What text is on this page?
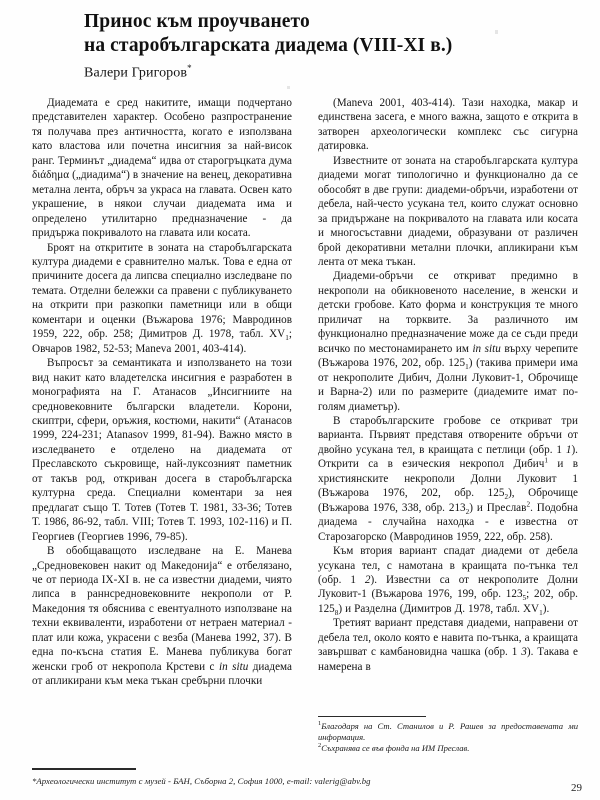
Принос към проучването
на старобългарската диадема (VIII-XI в.)
Валери Григоров*

Диадемата е сред накитите, имащи подчертано представителен характер. Особено разпространение тя получава през античността, когато е използвана като властова или почетна инсигния за най-висок ранг. Терминът „диадема“ идва от старогръцката дума διάδημα („диадима“) в значение на венец, декоративна метална лента, обръч за украса на главата. Освен като украшение, в някои случаи диадемата има и определено утилитарно предназначение - да придържа покривалото на главата или косата.

Броят на откритите в зоната на старобългарската култура диадеми е сравнително малък. Това е една от причините досега да липсва специално изследване по темата. Отделни бележки са правени с публикуването на открити при разкопки паметници или в общи коментари и оценки (Въжарова 1976; Мавродинов 1959, 222, обр. 258; Димитров Д. 1978, табл. $XV_1$; Овчаров 1982, 52-53; Maneva 2001, 403-414).

Въпросът за семантиката и използването на този вид накит като владетелска инсигния е разработен в монографията на Г. Атанасов „Инсигниите на средновековните български владетели. Корони, скиптри, сфери, оръжия, костюми, накити“ (Атанасов 1999, 224-231; Atanasov 1999, 81-94). Важно място в изследването е отделено на диадемата от Преславското съкровище, най-луксозният паметник от такъв род, откриван досега в старобългарска културна среда. Специални коментари за нея предлагат също Т. Тотев (Тотев Т. 1981, 33-36; Тотев Т. 1986, 86-92, табл. VIII; Тотев Т. 1993, 102-116) и П. Георгиев (Георгиев 1996, 79-85).

В обобщаващото изследване на Е. Манева „Средновековен накит од Македонија“ е отбелязано, че от периода IX-XI в. не са известни диадеми, чиято липса в раннсредновековните некрополи от Р. Македония тя обяснива с евентуалното използване на техни еквиваленти, изработени от нетраен материал - плат или кожа, украсени с везба (Манева 1992, 37). В една по-късна статия Е. Манева публикува богат женски гроб от некропола Крстеви с in situ диадема от апликирани към мека тъкан сребърни плочки

(Maneva 2001, 403-414). Тази находка, макар и единствена засега, е много важна, защото е открита в затворен археологически комплекс със сигурна датировка.

Известните от зоната на старобългарската култура диадеми могат типологично и функционално да се обособят в две групи: диадеми-обръчи, изработени от дебела, най-често усукана тел, които служат основно за придържане на покривалото на главата или косата и многосъставни диадеми, образувани от различен брой декоративни метални плочки, апликирани към лента от мека тъкан.

Диадеми-обръчи се откриват предимно в некрополи на обикновеното население, в женски и детски гробове. Като форма и конструкция те много приличат на торквите. За различното им функционално предназначение може да се съди преди всичко по местонамирането им in situ върху черепите (Въжарова 1976, 202, обр. $125_1$) (такива примери има от некрополите Дибич, Долни Луковит-1, Оброчище и Варна-2) или по размерите (диадемите имат по-голям диаметър).

В старобългарските гробове се откриват три варианта. Първият представя отворените обръчи от двойно усукана тел, в краищата с петлици (обр. 1 1). Открити са в езическия некропол Дибич$^1$ и в християнските некрополи Долни Луковит 1 (Въжарова 1976, 202, обр. $125_2$), Оброчище (Въжарова 1976, 338, обр. $213_2$) и Преслав$^2$. Подобна диадема - случайна находка - е известна от Старозагорско (Мавродинов 1959, 222, обр. 258).

Към втория вариант спадат диадеми от дебела усукана тел, с намотана в краищата по-тънка тел (обр. 1 2). Известни са от некрополите Долни Луковит-1 (Въжарова 1976, 199, обр. $123_5$; 202, обр. $125_8$) и Разделна (Димитров Д. 1978, табл. $XV_1$).

Третият вариант представя диадеми, направени от дебела тел, около която е навита по-тънка, а краищата завършват с камбановидна чашка (обр. 1 3). Такава е намерена в

$^1$Благодаря на Ст. Станилов и Р. Рашев за предоставената ми информация.
$^2$Съхранява се във фонда на ИМ Преслав.
*Археологически институт с музей - БАН, Съборна 2, София 1000, e-mail: valerig@abv.bg
29
